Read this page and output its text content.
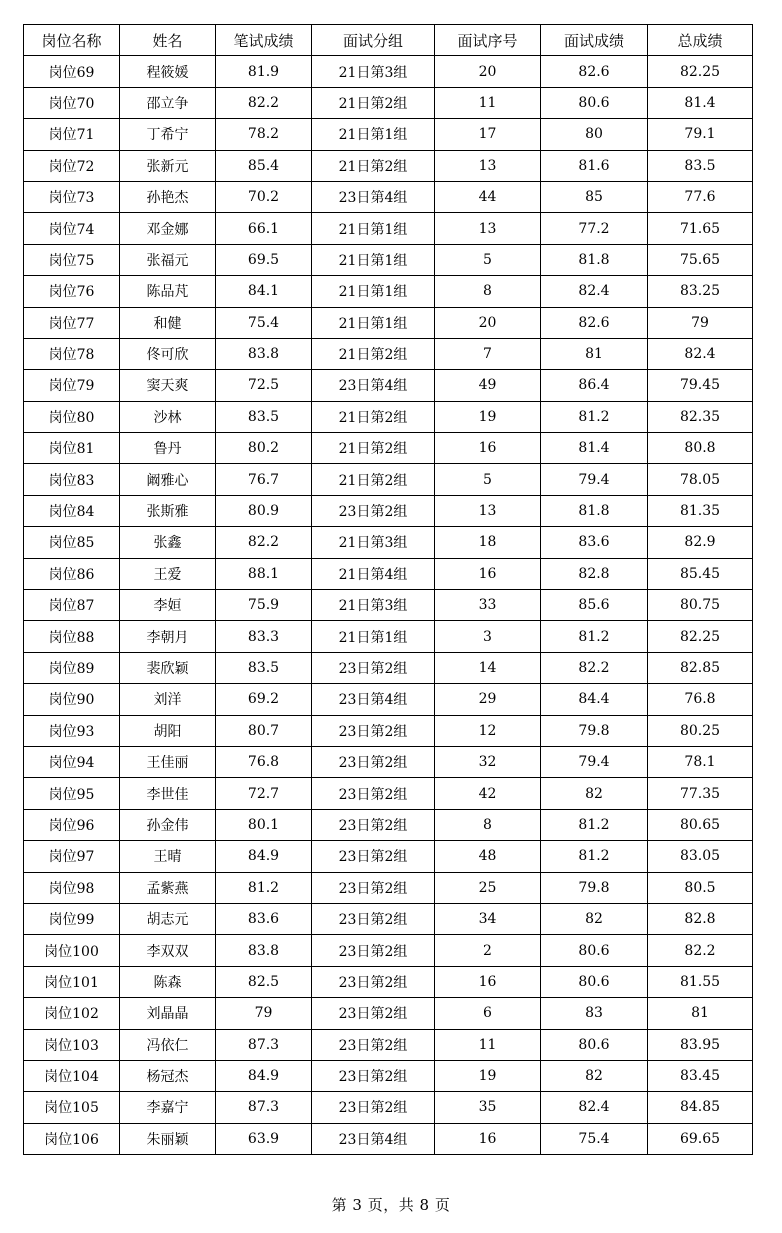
岗位名称	姓名	笔试成绩	面试分组	面试序号	面试成绩	总成绩
岗位69	程筱媛	81.9	21日第3组	20	82.6	82.25
岗位70	邵立争	82.2	21日第2组	11	80.6	81.4
岗位71	丁希宁	78.2	21日第1组	17	80	79.1
岗位72	张新元	85.4	21日第2组	13	81.6	83.5
岗位73	孙艳杰	70.2	23日第4组	44	85	77.6
岗位74	邓金娜	66.1	21日第1组	13	77.2	71.65
岗位75	张福元	69.5	21日第1组	5	81.8	75.65
岗位76	陈品芃	84.1	21日第1组	8	82.4	83.25
岗位77	和健	75.4	21日第1组	20	82.6	79
岗位78	佟可欣	83.8	21日第2组	7	81	82.4
岗位79	窦天爽	72.5	23日第4组	49	86.4	79.45
岗位80	沙林	83.5	21日第2组	19	81.2	82.35
岗位81	鲁丹	80.2	21日第2组	16	81.4	80.8
岗位83	阚雅心	76.7	21日第2组	5	79.4	78.05
岗位84	张斯雅	80.9	23日第2组	13	81.8	81.35
岗位85	张鑫	82.2	21日第3组	18	83.6	82.9
岗位86	王爱	88.1	21日第4组	16	82.8	85.45
岗位87	李姮	75.9	21日第3组	33	85.6	80.75
岗位88	李朝月	83.3	21日第1组	3	81.2	82.25
岗位89	裴欣颖	83.5	23日第2组	14	82.2	82.85
岗位90	刘洋	69.2	23日第4组	29	84.4	76.8
岗位93	胡阳	80.7	23日第2组	12	79.8	80.25
岗位94	王佳丽	76.8	23日第2组	32	79.4	78.1
岗位95	李世佳	72.7	23日第2组	42	82	77.35
岗位96	孙金伟	80.1	23日第2组	8	81.2	80.65
岗位97	王晴	84.9	23日第2组	48	81.2	83.05
岗位98	孟紫燕	81.2	23日第2组	25	79.8	80.5
岗位99	胡志元	83.6	23日第2组	34	82	82.8
岗位100	李双双	83.8	23日第2组	2	80.6	82.2
岗位101	陈森	82.5	23日第2组	16	80.6	81.55
岗位102	刘晶晶	79	23日第2组	6	83	81
岗位103	冯依仁	87.3	23日第2组	11	80.6	83.95
岗位104	杨冠杰	84.9	23日第2组	19	82	83.45
岗位105	李嘉宁	87.3	23日第2组	35	82.4	84.85
岗位106	朱丽颖	63.9	23日第4组	16	75.4	69.65
第 3 页，共 8 页
